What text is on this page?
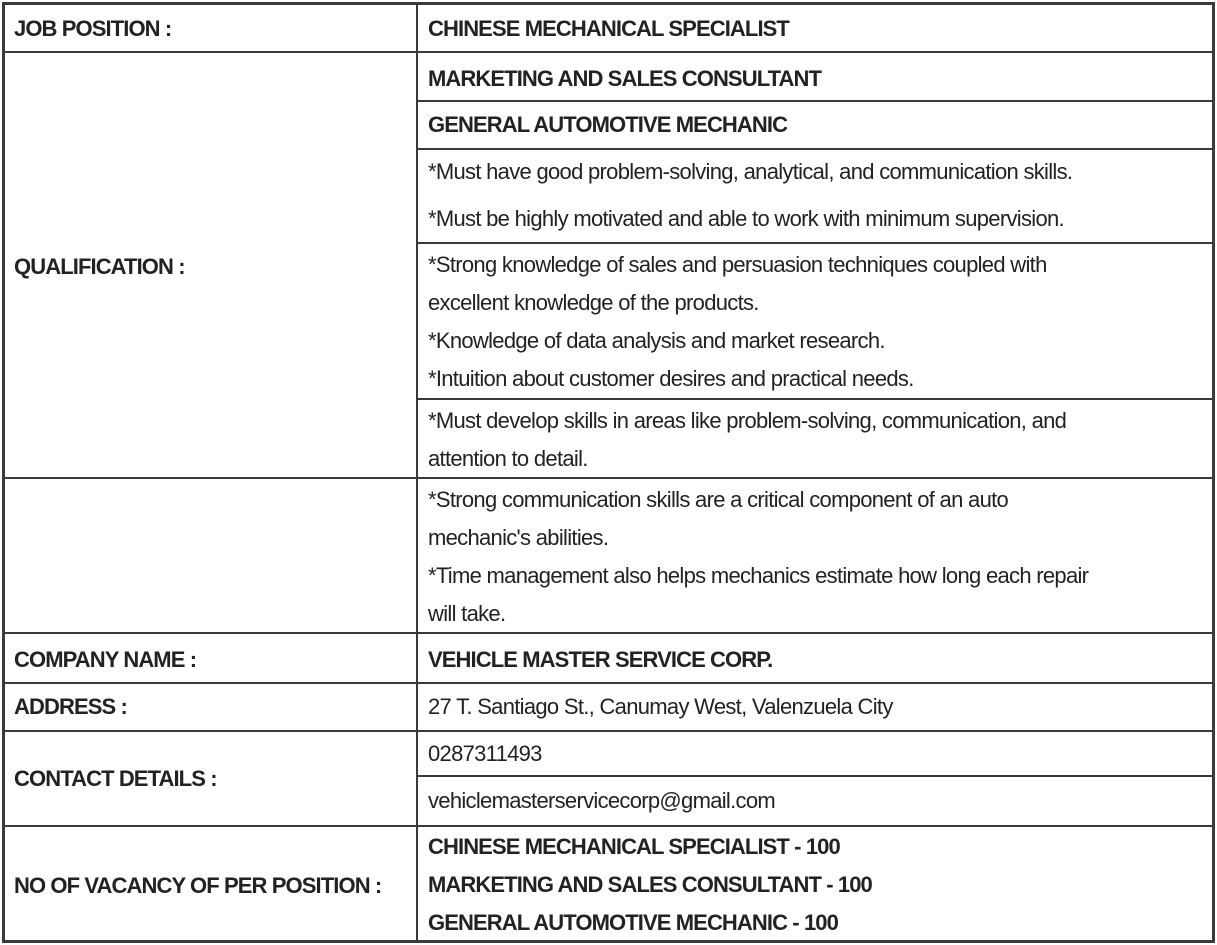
JOB POSITION :
QUALIFICATION :
COMPANY NAME :
ADDRESS :
CONTACT DETAILS :
NO OF VACANCY OF PER POSITION :
CHINESE MECHANICAL SPECIALIST
MARKETING AND SALES CONSULTANT
GENERAL AUTOMOTIVE MECHANIC
*Must have good problem-solving, analytical, and communication skills.
*Must be highly motivated and able to work with minimum supervision.
*Strong knowledge of sales and persuasion techniques coupled with
excellent knowledge of the products.
*Knowledge of data analysis and market research.
*Intuition about customer desires and practical needs.
*Must develop skills in areas like problem-solving, communication, and
attention to detail.
*Strong communication skills are a critical component of an auto
mechanic's abilities.
*Time management also helps mechanics estimate how long each repair
will take.
VEHICLE MASTER SERVICE CORP.
27 T. Santiago St., Canumay West, Valenzuela City
0287311493
vehiclemasterservicecorp@gmail.com
CHINESE MECHANICAL SPECIALIST - 100
MARKETING AND SALES CONSULTANT - 100
GENERAL AUTOMOTIVE MECHANIC - 100
